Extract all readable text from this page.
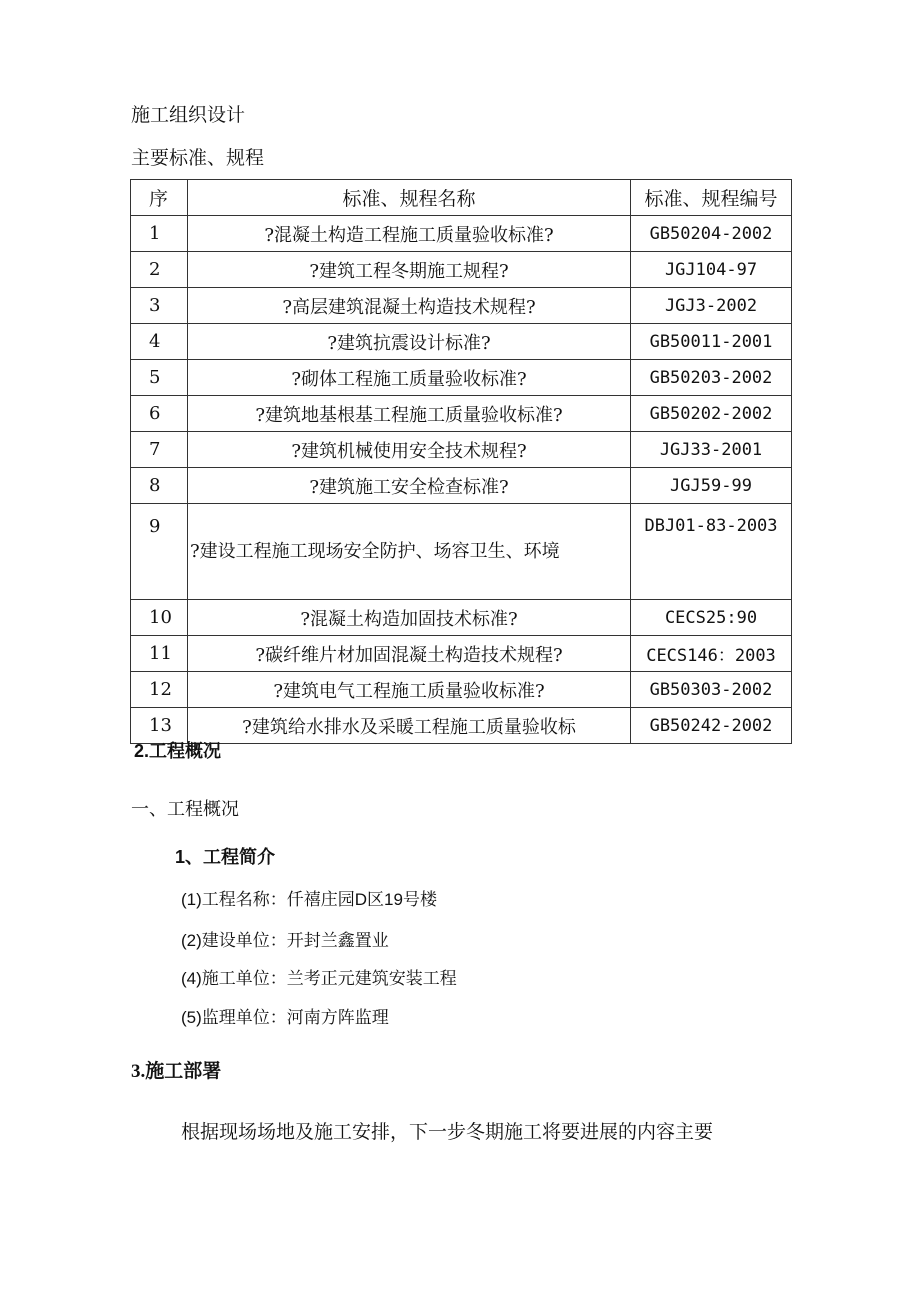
施工组织设计
主要标准、规程
序	标准、规程名称	标准、规程编号
1	?混凝土构造工程施工质量验收标准?	GB50204-2002
2	?建筑工程冬期施工规程?	JGJ104-97
3	?高层建筑混凝土构造技术规程?	JGJ3-2002
4	?建筑抗震设计标准?	GB50011-2001
5	?砌体工程施工质量验收标准?	GB50203-2002
6	?建筑地基根基工程施工质量验收标准?	GB50202-2002
7	?建筑机械使用安全技术规程?	JGJ33-2001
8	?建筑施工安全检查标准?	JGJ59-99
9	?建设工程施工现场安全防护、场容卫生、环境	DBJ01-83-2003
10	?混凝土构造加固技术标准?	CECS25:90
11	?碳纤维片材加固混凝土构造技术规程?	CECS146：2003
12	?建筑电气工程施工质量验收标准?	GB50303-2002
13	?建筑给水排水及采暖工程施工质量验收标	GB50242-2002
2.工程概况
一、工程概况
1、工程简介
(1)工程名称：仟禧庄园D区19号楼
(2)建设单位：开封兰鑫置业
(4)施工单位：兰考正元建筑安装工程
(5)监理单位：河南方阵监理
3.施工部署
根据现场场地及施工安排，下一步冬期施工将要进展的内容主要
